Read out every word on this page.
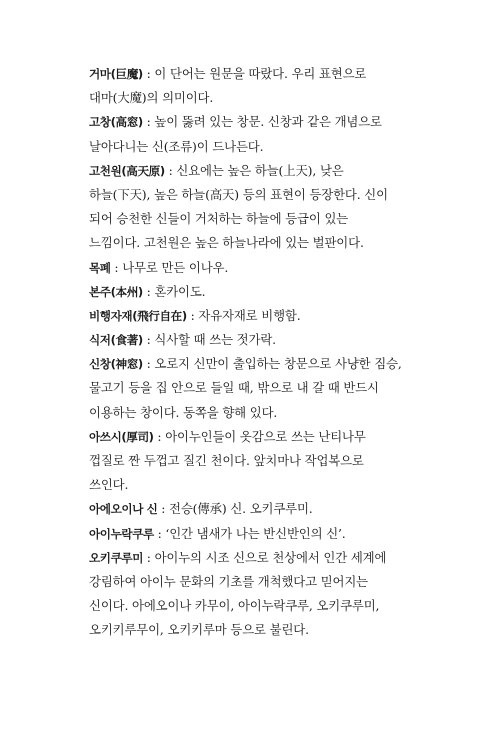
거마(巨魔) : 이 단어는 원문을 따랐다. 우리 표현으로
대마(大魔)의 의미이다.
고창(高窓) : 높이 뚫려 있는 창문. 신창과 같은 개념으로
날아다니는 신(조류)이 드나든다.
고천원(高天原) : 신요에는 높은 하늘(上天), 낮은
하늘(下天), 높은 하늘(高天) 등의 표현이 등장한다. 신이
되어 승천한 신들이 거처하는 하늘에 등급이 있는
느낌이다. 고천원은 높은 하늘나라에 있는 벌판이다.
목폐 : 나무로 만든 이나우.
본주(本州) : 혼카이도.
비행자재(飛行自在) : 자유자재로 비행함.
식저(食著) : 식사할 때 쓰는 젓가락.
신창(神窓) : 오로지 신만이 출입하는 창문으로 사냥한 짐승,
물고기 등을 집 안으로 들일 때, 밖으로 내 갈 때 반드시
이용하는 창이다. 동쪽을 향해 있다.
아쓰시(厚司) : 아이누인들이 옷감으로 쓰는 난티나무
껍질로 짠 두껍고 질긴 천이다. 앞치마나 작업복으로
쓰인다.
아에오이나 신 : 전승(傳承) 신. 오키쿠루미.
아이누락쿠루 : ‘인간 냄새가 나는 반신반인의 신’.
오키쿠루미 : 아이누의 시조 신으로 천상에서 인간 세계에
강림하여 아이누 문화의 기초를 개척했다고 믿어지는
신이다. 아에오이나 카무이, 아이누락쿠루, 오키쿠루미,
오키키루무이, 오키키루마 등으로 불린다.
